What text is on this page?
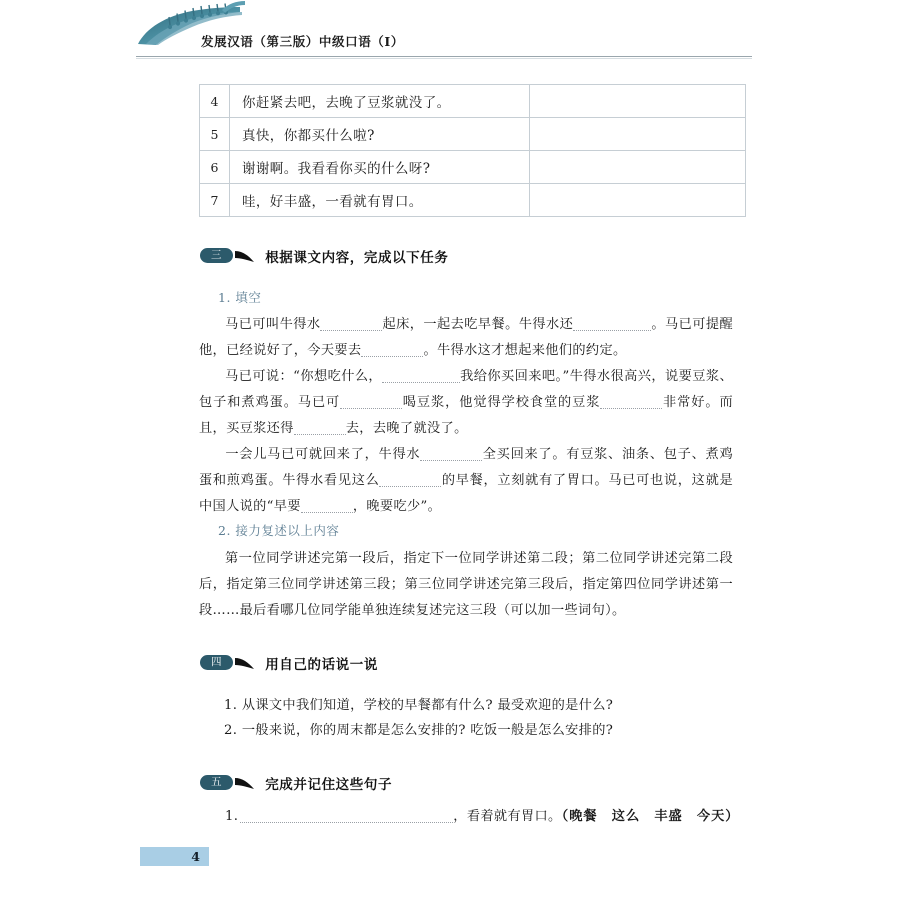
发展汉语（第三版）中级口语（Ⅰ）
4	你赶紧去吧，去晚了豆浆就没了。	
5	真快，你都买什么啦?	
6	谢谢啊。我看看你买的什么呀?	
7	哇，好丰盛，一看就有胃口。	
三	根据课文内容，完成以下任务
1. 填空
马已可叫牛得水	起床，一起去吃早餐。牛得水还	。马已可提醒他，已经说好了，今天要去	。牛得水这才想起来他们的约定。
马已可说：“你想吃什么，	我给你买回来吧。”牛得水很高兴，说要豆浆、包子和煮鸡蛋。马已可	喝豆浆，他觉得学校食堂的豆浆	非常好。而且，买豆浆还得	去，去晚了就没了。
一会儿马已可就回来了，牛得水	全买回来了。有豆浆、油条、包子、煮鸡蛋和煎鸡蛋。牛得水看见这么	的早餐，立刻就有了胃口。马已可也说，这就是中国人说的“早要	，晚要吃少”。
2. 接力复述以上内容
第一位同学讲述完第一段后，指定下一位同学讲述第二段；第二位同学讲述完第二段后，指定第三位同学讲述第三段；第三位同学讲述完第三段后，指定第四位同学讲述第一段……最后看哪几位同学能单独连续复述完这三段（可以加一些词句）。
四	用自己的话说一说
1. 从课文中我们知道，学校的早餐都有什么? 最受欢迎的是什么?
2. 一般来说，你的周末都是怎么安排的? 吃饭一般是怎么安排的?
五	完成并记住这些句子
1.	，看着就有胃口。（晚餐　这么　丰盛　今天）
4
